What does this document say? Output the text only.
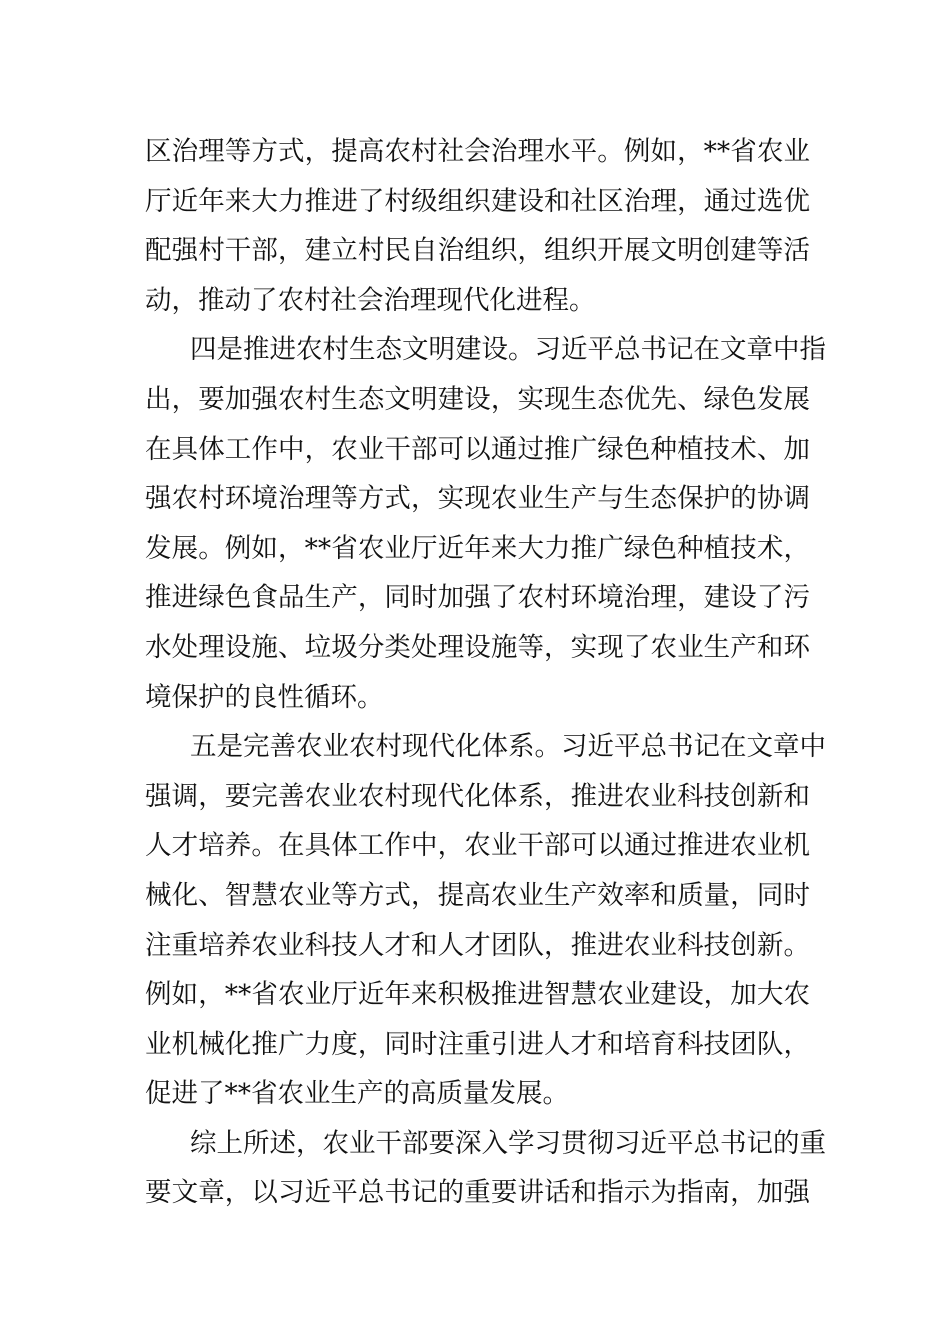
区治理等方式，提高农村社会治理水平。例如，**省农业
厅近年来大力推进了村级组织建设和社区治理，通过选优
配强村干部，建立村民自治组织，组织开展文明创建等活
动，推动了农村社会治理现代化进程。
四是推进农村生态文明建设。习近平总书记在文章中指
出，要加强农村生态文明建设，实现生态优先、绿色发展
在具体工作中，农业干部可以通过推广绿色种植技术、加
强农村环境治理等方式，实现农业生产与生态保护的协调
发展。例如，**省农业厅近年来大力推广绿色种植技术，
推进绿色食品生产，同时加强了农村环境治理，建设了污
水处理设施、垃圾分类处理设施等，实现了农业生产和环
境保护的良性循环。
五是完善农业农村现代化体系。习近平总书记在文章中
强调，要完善农业农村现代化体系，推进农业科技创新和
人才培养。在具体工作中，农业干部可以通过推进农业机
械化、智慧农业等方式，提高农业生产效率和质量，同时
注重培养农业科技人才和人才团队，推进农业科技创新。
例如，**省农业厅近年来积极推进智慧农业建设，加大农
业机械化推广力度，同时注重引进人才和培育科技团队，
促进了**省农业生产的高质量发展。
综上所述，农业干部要深入学习贯彻习近平总书记的重
要文章，以习近平总书记的重要讲话和指示为指南，加强
